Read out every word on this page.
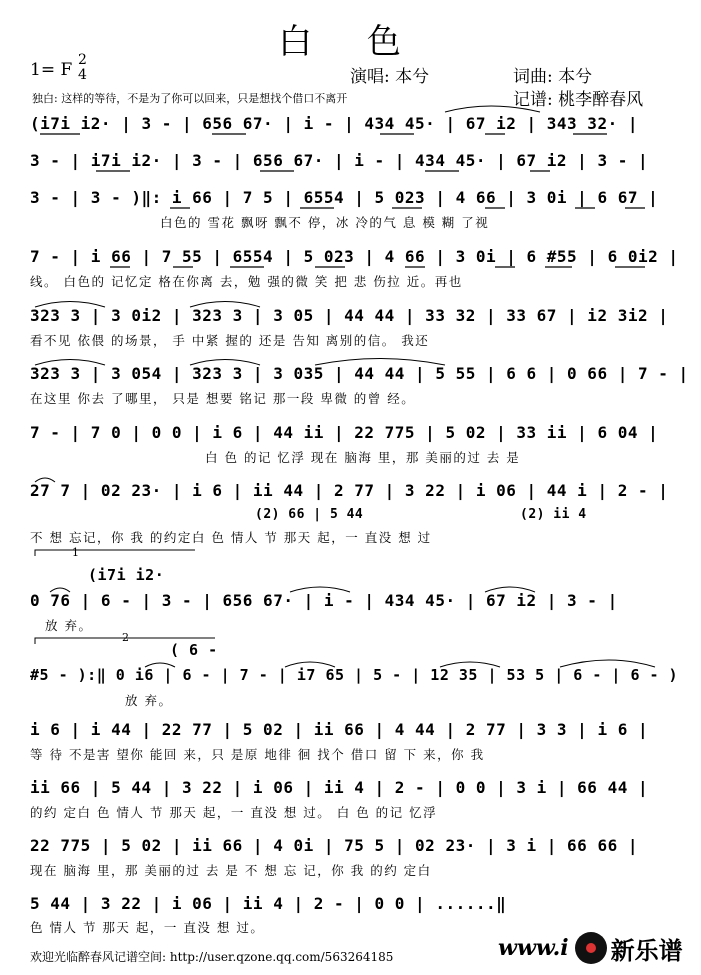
白 色
1= F 2
4	演唱: 本兮	词曲: 本兮
记谱: 桃李醉春风
独白: 这样的等待，不是为了你可以回来，只是想找个借口不离开
(i7i i2· | 3 - | 656 67· | i - | 434 45· | 67 i2 | 343 32· |
3 - | i7i i2· | 3 - | 656 67· | i - | 434 45· | 67 i2 | 3 - |
3 - | 3 - )‖: i 66 | 7 5 | 6554 | 5 023 | 4 66 | 3 0i | 6 67 |
白色的 雪花 飘呀 飘不 停，冰 冷的气 息 模 糊 了视
7 - | i 66 | 7 55 | 6554 | 5 023 | 4 66 | 3 0i | 6 #55 | 6 0i2 |
线。 白色的 记忆定 格在你离 去，勉 强的微 笑 把 悲 伤拉 近。再也
323 3 | 3 0i2 | 323 3 | 3 05 | 44 44 | 33 32 | 33 67 | i2 3i2 |
看不见 依偎 的场景， 手 中紧 握的 还是 告知 离别的信。 我还
323 3 | 3 054 | 323 3 | 3 035 | 44 44 | 5 55 | 6 6 | 0 66 | 7 - |
在这里 你去 了哪里， 只是 想要 铭记 那一段 卑微 的曾 经。
7 - | 7 0 | 0 0 | i 6 | 44 ii | 22 775 | 5 02 | 33 ii | 6 04 |
白 色 的记 忆浮 现在 脑海 里，那 美丽的过 去 是
27 7 | 02 23· | i 6 | ii 44 | 2 77 | 3 22 | i 06 | 44 i | 2 - |
(2) 66 | 5 44	(2) ii 4
不 想 忘记，你 我 的约定白 色 情人 节 那天 起，一 直没 想 过
1
(i7i i2·
0 76 | 6 - | 3 - | 656 67· | i - | 434 45· | 67 i2 | 3 - |
放 弃。
2
( 6 -
#5 - ):‖ 0 i6 | 6 - | 7 - | i7 65 | 5 - | 12 35 | 53 5 | 6 - | 6 - )
放 弃。
i 6 | i 44 | 22 77 | 5 02 | ii 66 | 4 44 | 2 77 | 3 3 | i 6 |
等 待 不是害 望你 能回 来，只 是原 地徘 徊 找个 借口 留 下 来，你 我
ii 66 | 5 44 | 3 22 | i 06 | ii 4 | 2 - | 0 0 | 3 i | 66 44 |
的约 定白 色 情人 节 那天 起，一 直没 想 过。 白 色 的记 忆浮
22 775 | 5 02 | ii 66 | 4 0i | 75 5 | 02 23· | 3 i | 66 66 |
现在 脑海 里，那 美丽的过 去 是 不 想 忘 记，你 我 的约 定白
5 44 | 3 22 | i 06 | ii 4 | 2 - | 0 0 | ......‖
色 情人 节 那天 起，一 直没 想 过。
欢迎光临醉春风记谱空间: http://user.qzone.qq.com/563264185	www.i 新乐谱
